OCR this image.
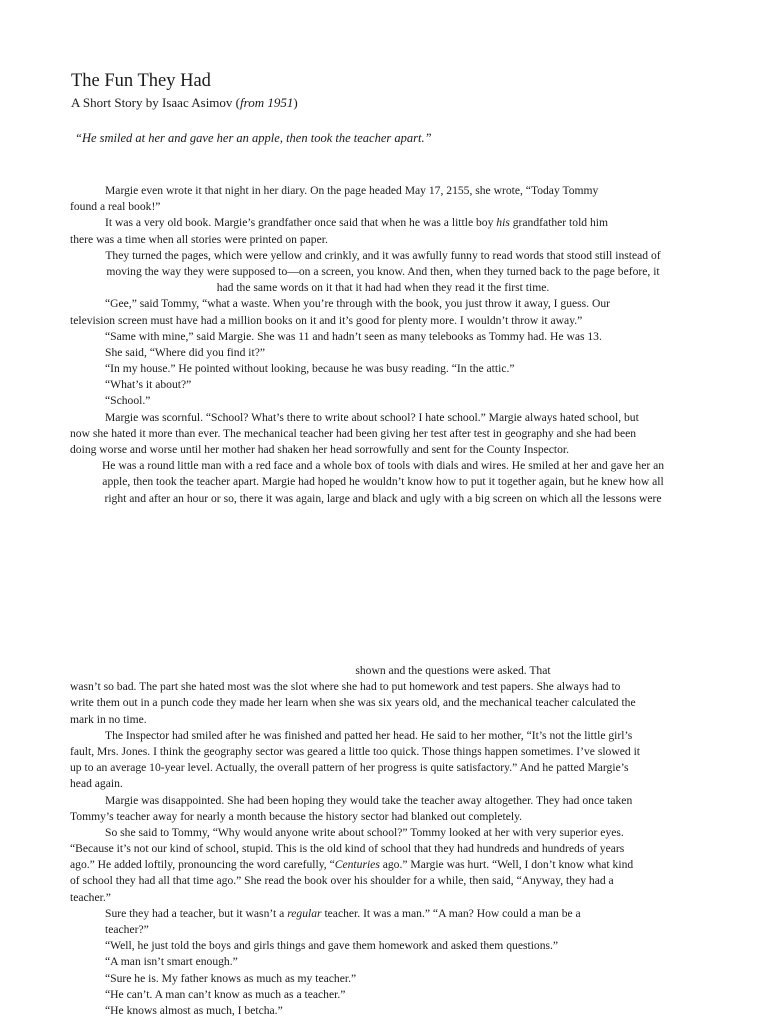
The Fun They Had
A Short Story by Isaac Asimov (from 1951)
“He smiled at her and gave her an apple, then took the teacher apart.”
Margie even wrote it that night in her diary. On the page headed May 17, 2155, she wrote, “Today Tommy
found a real book!”
It was a very old book. Margie’s grandfather once said that when he was a little boy his grandfather told him
there was a time when all stories were printed on paper.
They turned the pages, which were yellow and crinkly, and it was awfully funny to read words that stood still instead of
moving the way they were supposed to—on a screen, you know. And then, when they turned back to the page before, it
had the same words on it that it had had when they read it the first time.
“Gee,” said Tommy, “what a waste. When you’re through with the book, you just throw it away, I guess. Our
television screen must have had a million books on it and it’s good for plenty more. I wouldn’t throw it away.”
“Same with mine,” said Margie. She was 11 and hadn’t seen as many telebooks as Tommy had. He was 13.
She said, “Where did you find it?”
“In my house.” He pointed without looking, because he was busy reading. “In the attic.”
“What’s it about?”
“School.”
Margie was scornful. “School? What’s there to write about school? I hate school.” Margie always hated school, but
now she hated it more than ever. The mechanical teacher had been giving her test after test in geography and she had been
doing worse and worse until her mother had shaken her head sorrowfully and sent for the County Inspector.
He was a round little man with a red face and a whole box of tools with dials and wires. He smiled at her and gave her an
apple, then took the teacher apart. Margie had hoped he wouldn’t know how to put it together again, but he knew how all
right and after an hour or so, there it was again, large and black and ugly with a big screen on which all the lessons were
shown and the questions were asked. That
wasn’t so bad. The part she hated most was the slot where she had to put homework and test papers. She always had to
write them out in a punch code they made her learn when she was six years old, and the mechanical teacher calculated the
mark in no time.
The Inspector had smiled after he was finished and patted her head. He said to her mother, “It’s not the little girl’s
fault, Mrs. Jones. I think the geography sector was geared a little too quick. Those things happen sometimes. I’ve slowed it
up to an average 10-year level. Actually, the overall pattern of her progress is quite satisfactory.” And he patted Margie’s
head again.
Margie was disappointed. She had been hoping they would take the teacher away altogether. They had once taken
Tommy’s teacher away for nearly a month because the history sector had blanked out completely.
So she said to Tommy, “Why would anyone write about school?” Tommy looked at her with very superior eyes.
“Because it’s not our kind of school, stupid. This is the old kind of school that they had hundreds and hundreds of years
ago.” He added loftily, pronouncing the word carefully, “Centuries ago.” Margie was hurt. “Well, I don’t know what kind
of school they had all that time ago.” She read the book over his shoulder for a while, then said, “Anyway, they had a
teacher.”
Sure they had a teacher, but it wasn’t a regular teacher. It was a man.” “A man? How could a man be a
teacher?”
“Well, he just told the boys and girls things and gave them homework and asked them questions.”
“A man isn’t smart enough.”
“Sure he is. My father knows as much as my teacher.”
“He can’t. A man can’t know as much as a teacher.”
“He knows almost as much, I betcha.”
